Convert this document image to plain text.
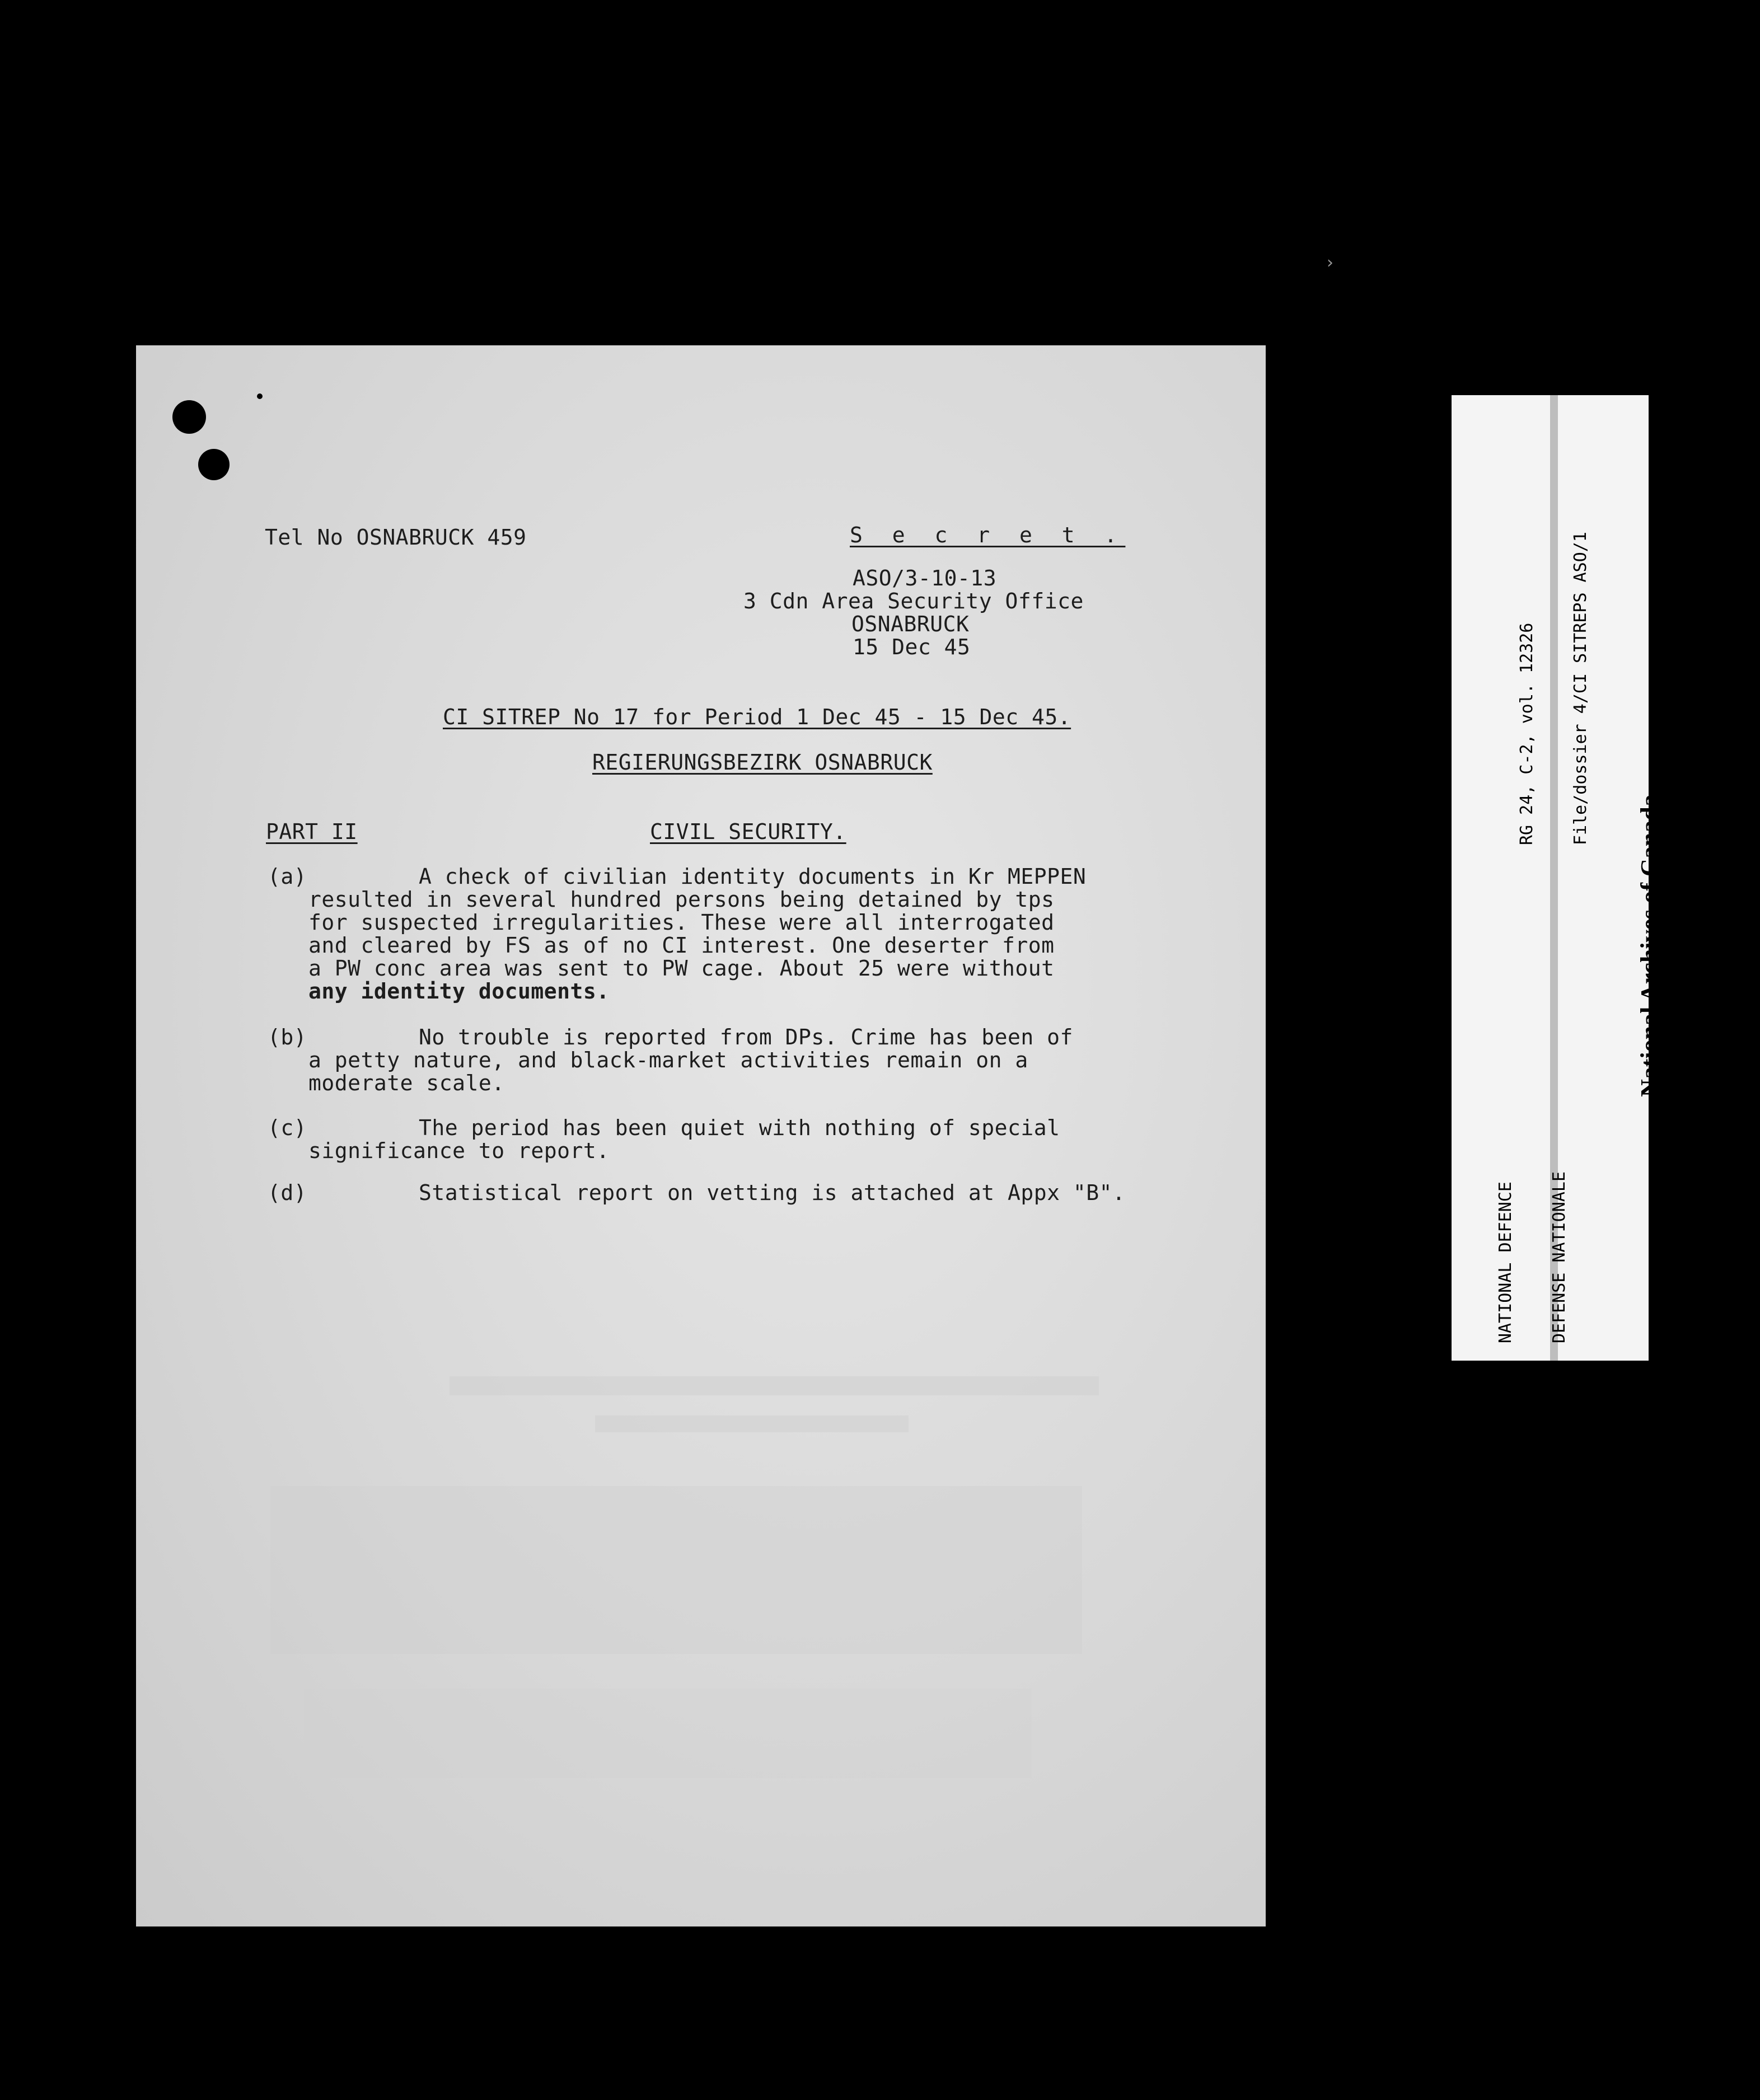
Tel No OSNABRUCK 459	S e c r e t .
ASO/3-10-13
3 Cdn Area Security Office
OSNABRUCK
15 Dec 45
CI SITREP No 17 for Period 1 Dec 45 - 15 Dec 45.
REGIERUNGSBEZIRK OSNABRUCK
PART II	CIVIL SECURITY.
(a)	A check of civilian identity documents in Kr MEPPEN
resulted in several hundred persons being detained by tps
for suspected irregularities. These were all interrogated
and cleared by FS as of no CI interest. One deserter from
a PW conc area was sent to PW cage. About 25 were without
any identity documents.
(b)	No trouble is reported from DPs. Crime has been of
a petty nature, and black-market activities remain on a
moderate scale.
(c)	The period has been quiet with nothing of special
significance to report.
(d)	Statistical report on vetting is attached at Appx "B".
›

RG 24, C-2, vol. 12326

File/dossier 4/CI SITREPS ASO/1

NATIONAL DEFENCE

DEFENSE NATIONALE

National Archives of Canada

	Archives nationales du Canada
